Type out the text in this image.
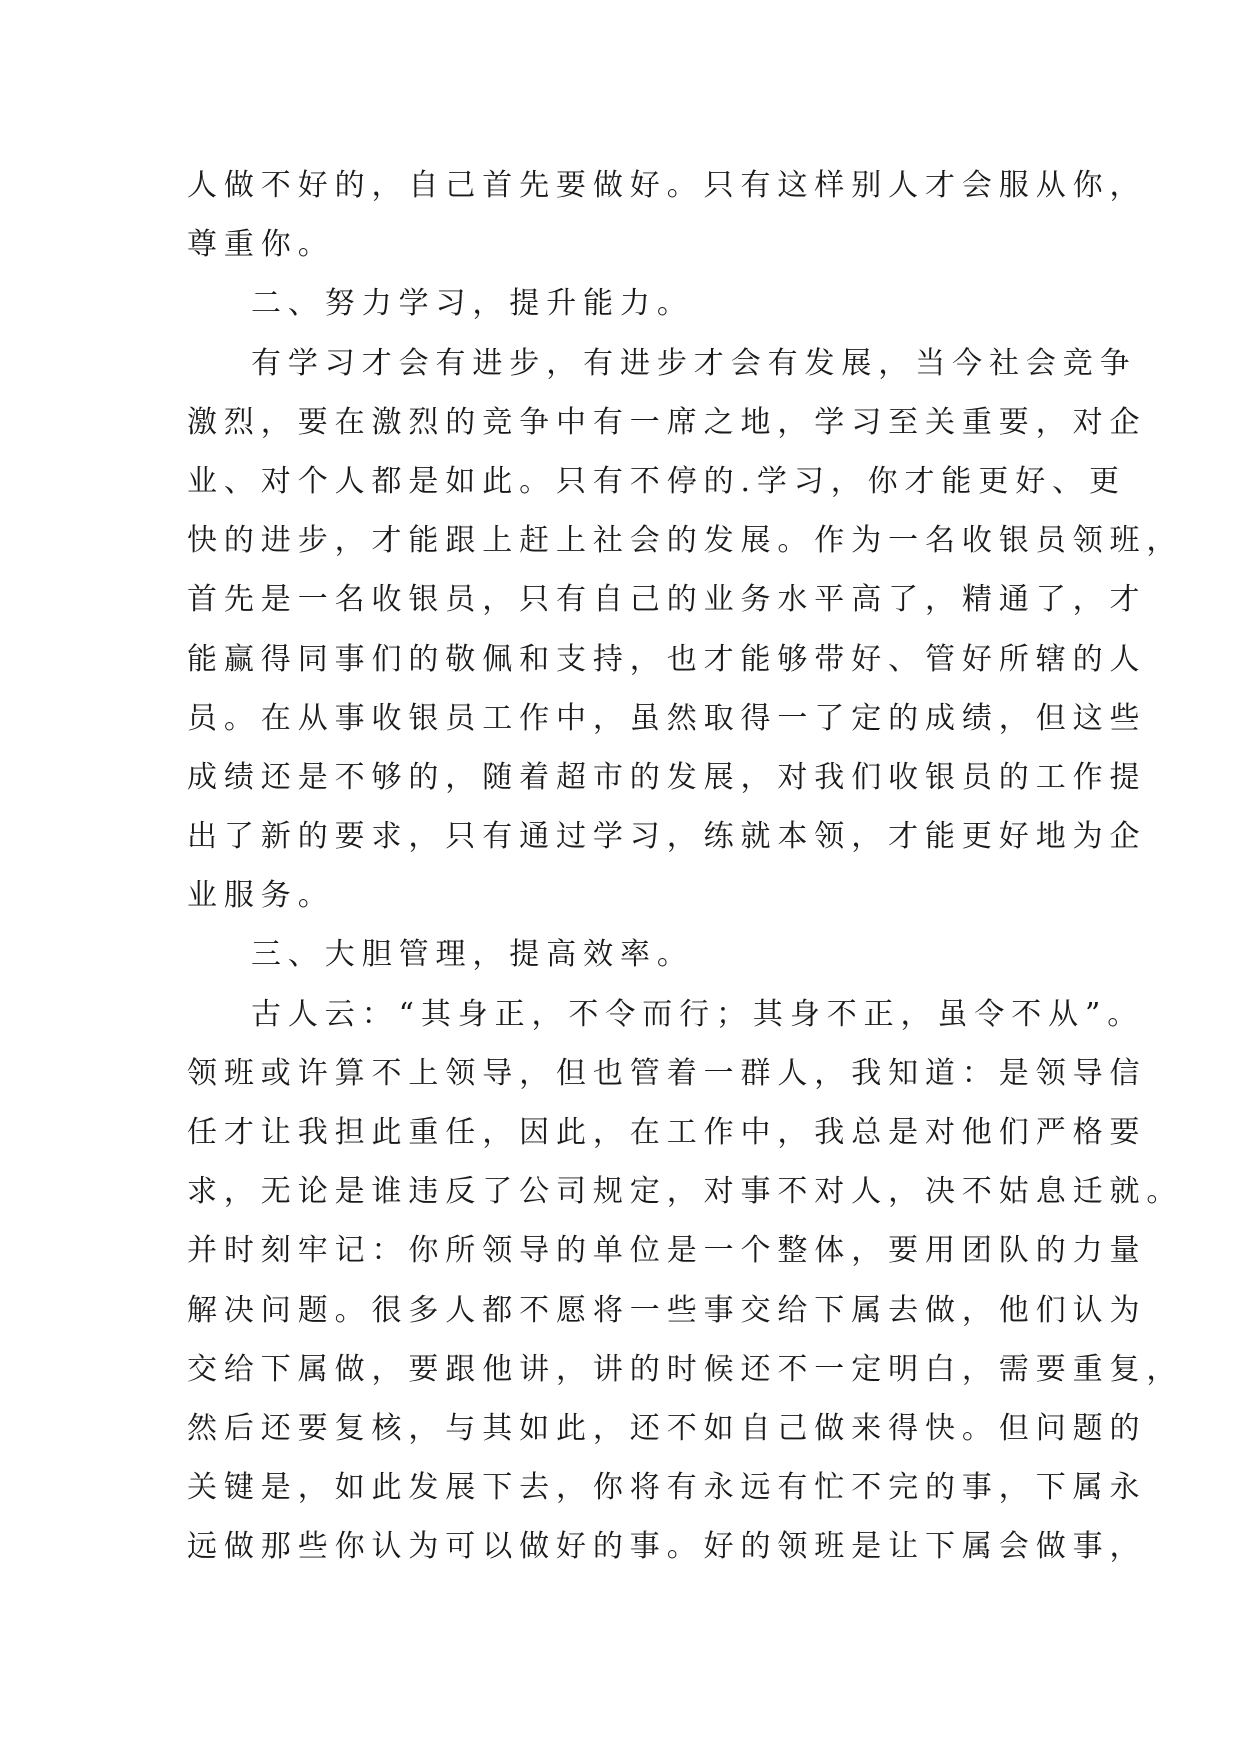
人做不好的，自己首先要做好。只有这样别人才会服从你，
尊重你。
二、努力学习，提升能力。
有学习才会有进步，有进步才会有发展，当今社会竞争
激烈，要在激烈的竞争中有一席之地，学习至关重要，对企
业、对个人都是如此。只有不停的.学习，你才能更好、更
快的进步，才能跟上赶上社会的发展。作为一名收银员领班，
首先是一名收银员，只有自己的业务水平高了，精通了，才
能赢得同事们的敬佩和支持，也才能够带好、管好所辖的人
员。在从事收银员工作中，虽然取得一了定的成绩，但这些
成绩还是不够的，随着超市的发展，对我们收银员的工作提
出了新的要求，只有通过学习，练就本领，才能更好地为企
业服务。
三、大胆管理，提高效率。
古人云：“其身正，不令而行；其身不正，虽令不从”。
领班或许算不上领导，但也管着一群人，我知道：是领导信
任才让我担此重任，因此，在工作中，我总是对他们严格要
求，无论是谁违反了公司规定，对事不对人，决不姑息迁就。
并时刻牢记：你所领导的单位是一个整体，要用团队的力量
解决问题。很多人都不愿将一些事交给下属去做，他们认为
交给下属做，要跟他讲，讲的时候还不一定明白，需要重复，
然后还要复核，与其如此，还不如自己做来得快。但问题的
关键是，如此发展下去，你将有永远有忙不完的事，下属永
远做那些你认为可以做好的事。好的领班是让下属会做事，
